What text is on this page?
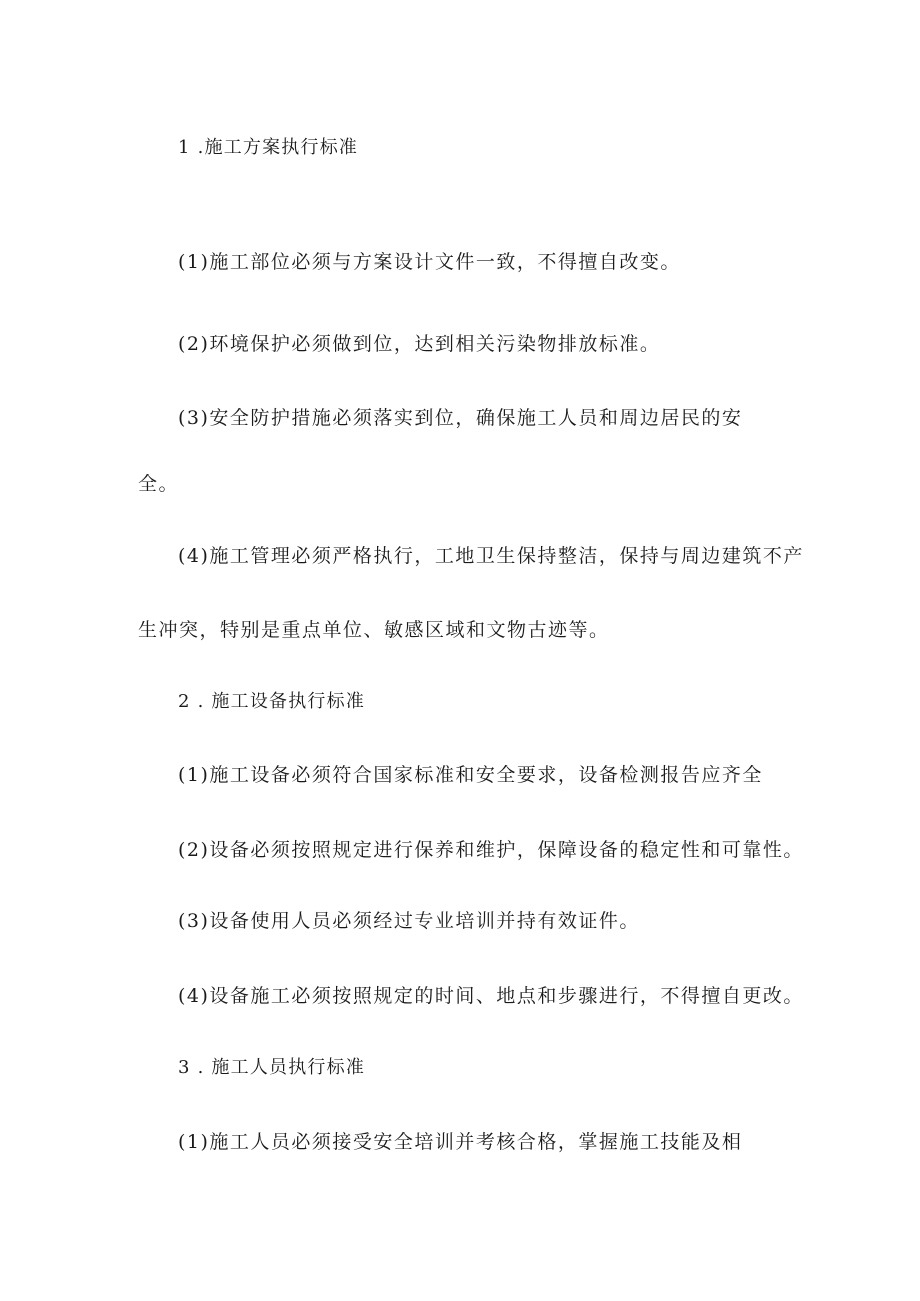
1 .施工方案执行标准
(1)施工部位必须与方案设计文件一致，不得擅自改变。
(2)环境保护必须做到位，达到相关污染物排放标准。
(3)安全防护措施必须落实到位，确保施工人员和周边居民的安
全。
(4)施工管理必须严格执行，工地卫生保持整洁，保持与周边建筑不产
生冲突，特别是重点单位、敏感区域和文物古迹等。
2 . 施工设备执行标准
(1)施工设备必须符合国家标准和安全要求，设备检测报告应齐全
(2)设备必须按照规定进行保养和维护，保障设备的稳定性和可靠性。
(3)设备使用人员必须经过专业培训并持有效证件。
(4)设备施工必须按照规定的时间、地点和步骤进行，不得擅自更改。
3 . 施工人员执行标准
(1)施工人员必须接受安全培训并考核合格，掌握施工技能及相
